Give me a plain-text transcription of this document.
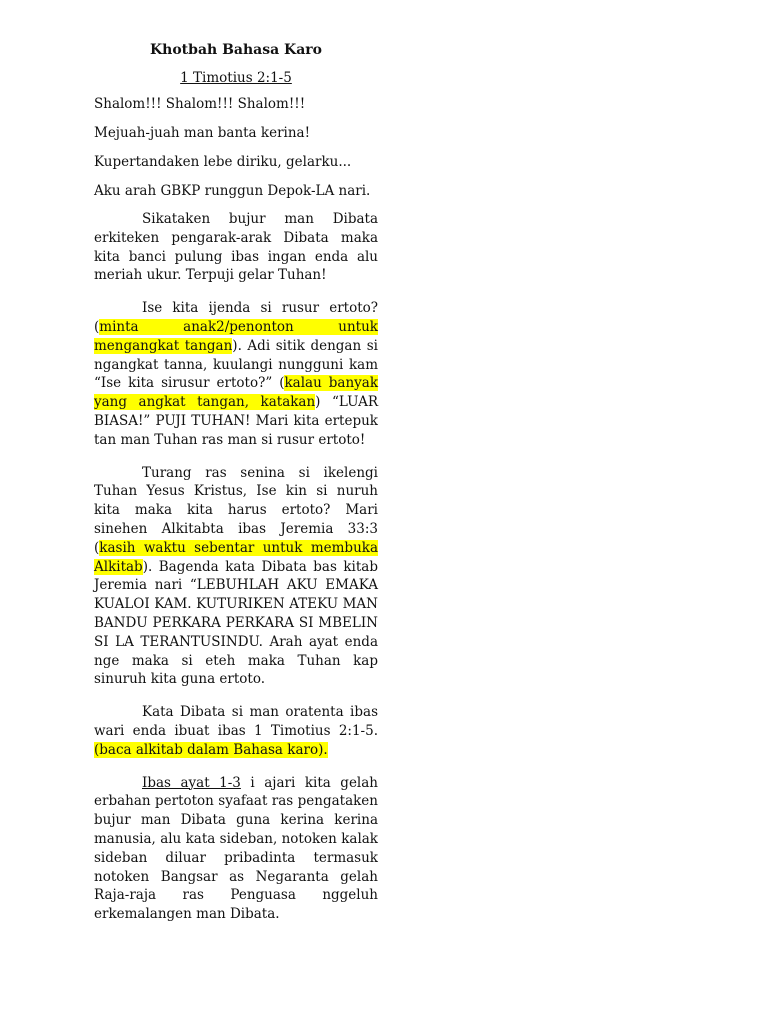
Khotbah Bahasa Karo
1 Timotius 2:1-5
Shalom!!! Shalom!!! Shalom!!!
Mejuah-juah man banta kerina!
Kupertandaken lebe diriku, gelarku...
Aku arah GBKP runggun Depok-LA nari.

Sikataken bujur man Dibata erkiteken pengarak-arak Dibata maka kita banci pulung ibas ingan enda alu meriah ukur. Terpuji gelar Tuhan!

Ise kita ijenda si rusur ertoto? (minta anak2/penonton untuk mengangkat tangan). Adi sitik dengan si ngangkat tanna, kuulangi nungguni kam “Ise kita sirusur ertoto?” (kalau banyak yang angkat tangan, katakan) “LUAR BIASA!” PUJI TUHAN! Mari kita ertepuk tan man Tuhan ras man si rusur ertoto!

Turang ras senina si ikelengi Tuhan Yesus Kristus, Ise kin si nuruh kita maka kita harus ertoto? Mari sinehen Alkitabta ibas Jeremia 33:3 (kasih waktu sebentar untuk membuka Alkitab). Bagenda kata Dibata bas kitab Jeremia nari “LEBUHLAH AKU EMAKA KUALOI KAM. KUTURIKEN ATEKU MAN BANDU PERKARA PERKARA SI MBELIN SI LA TERANTUSINDU. Arah ayat enda nge maka si eteh maka Tuhan kap sinuruh kita guna ertoto.

Kata Dibata si man oratenta ibas wari enda ibuat ibas 1 Timotius 2:1-5. (baca alkitab dalam Bahasa karo).

Ibas ayat 1-3 i ajari kita gelah erbahan pertoton syafaat ras pengataken bujur man Dibata guna kerina kerina manusia, alu kata sideban, notoken kalak sideban diluar pribadinta termasuk notoken Bangsar as Negaranta gelah Raja-raja ras Penguasa nggeluh erkemalangen man Dibata.
